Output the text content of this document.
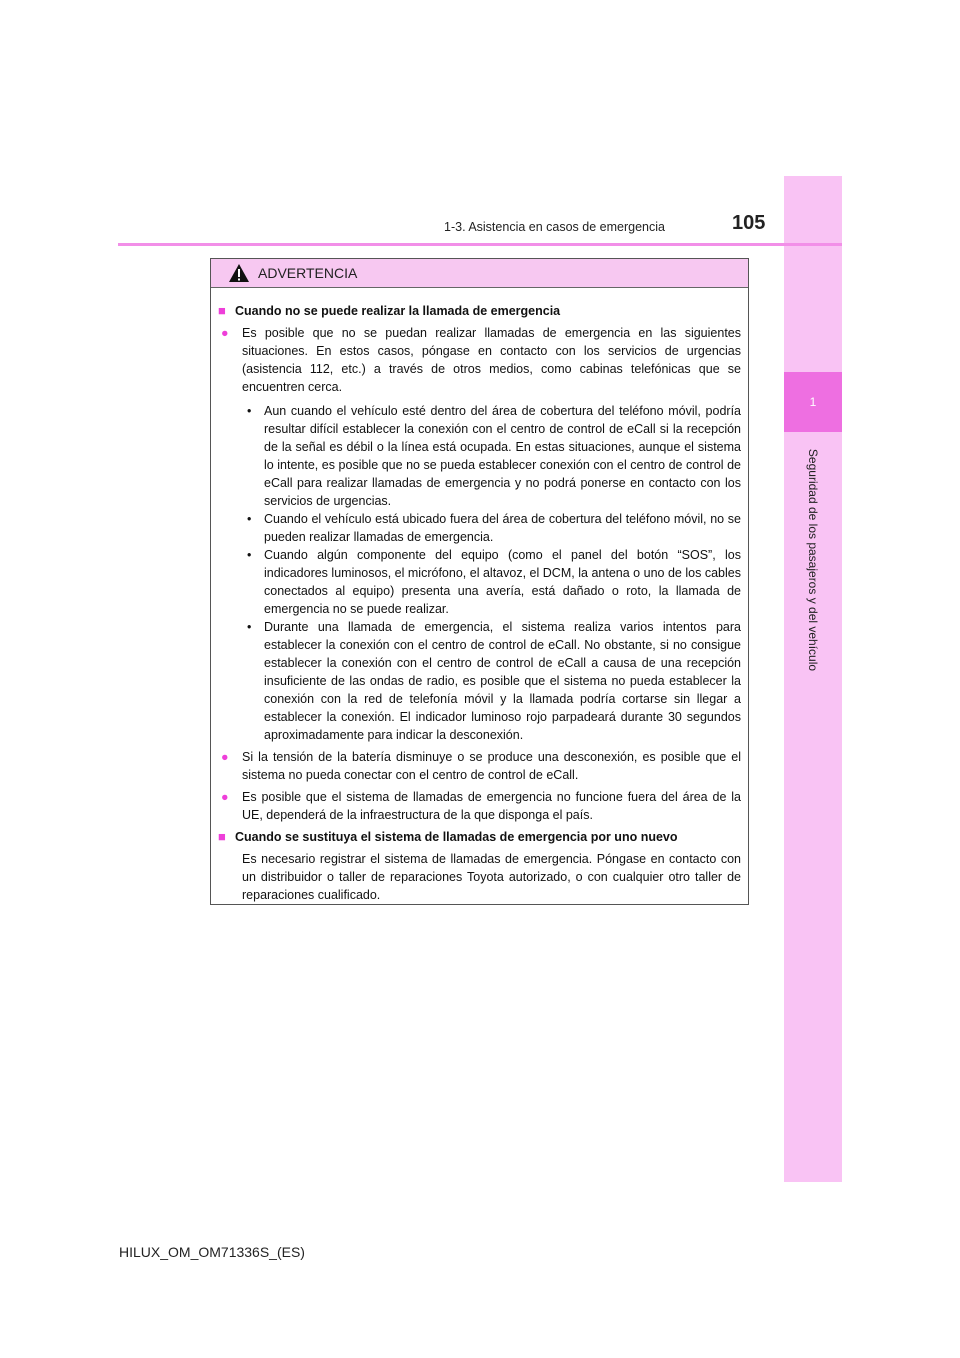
1
Seguridad de los pasajeros y del vehículo
1-3. Asistencia en casos de emergencia	105
ADVERTENCIA
■ Cuando no se puede realizar la llamada de emergencia
●	Es posible que no se puedan realizar llamadas de emergencia en las siguientes situaciones. En estos casos, póngase en contacto con los servicios de urgencias (asistencia 112, etc.) a través de otros medios, como cabinas telefónicas que se encuentren cerca.
•	Aun cuando el vehículo esté dentro del área de cobertura del teléfono móvil, podría resultar difícil establecer la conexión con el centro de control de eCall si la recepción de la señal es débil o la línea está ocupada. En estas situaciones, aunque el sistema lo intente, es posible que no se pueda establecer conexión con el centro de control de eCall para realizar llamadas de emergencia y no podrá ponerse en contacto con los servicios de urgencias.
•	Cuando el vehículo está ubicado fuera del área de cobertura del teléfono móvil, no se pueden realizar llamadas de emergencia.
•	Cuando algún componente del equipo (como el panel del botón “SOS”, los indicadores luminosos, el micrófono, el altavoz, el DCM, la antena o uno de los cables conectados al equipo) presenta una avería, está dañado o roto, la llamada de emergencia no se puede realizar.
•	Durante una llamada de emergencia, el sistema realiza varios intentos para establecer la conexión con el centro de control de eCall. No obstante, si no consigue establecer la conexión con el centro de control de eCall a causa de una recepción insuficiente de las ondas de radio, es posible que el sistema no pueda establecer la conexión con la red de telefonía móvil y la llamada podría cortarse sin llegar a establecer la conexión. El indicador luminoso rojo parpadeará durante 30 segundos aproximadamente para indicar la desconexión.
●	Si la tensión de la batería disminuye o se produce una desconexión, es posible que el sistema no pueda conectar con el centro de control de eCall.
●	Es posible que el sistema de llamadas de emergencia no funcione fuera del área de la UE, dependerá de la infraestructura de la que disponga el país.
■ Cuando se sustituya el sistema de llamadas de emergencia por uno nuevo
Es necesario registrar el sistema de llamadas de emergencia. Póngase en contacto con un distribuidor o taller de reparaciones Toyota autorizado, o con cualquier otro taller de reparaciones cualificado.
HILUX_OM_OM71336S_(ES)
